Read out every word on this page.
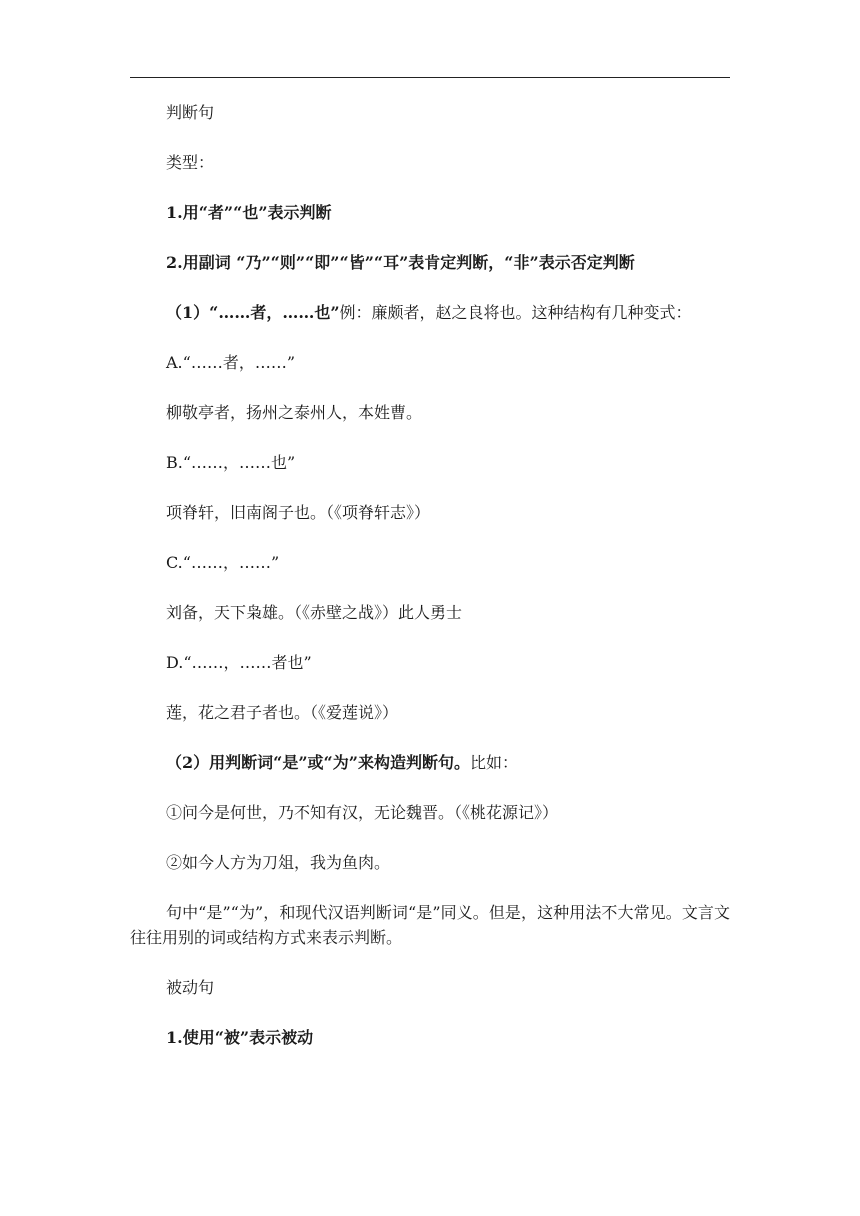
判断句

类型：

1.用“者”“也”表示判断

2.用副词 “乃”“则”“即”“皆”“耳”表肯定判断，“非”表示否定判断

（1）“……者，……也”例：廉颇者，赵之良将也。这种结构有几种变式：

A.“……者，……”

柳敬亭者，扬州之泰州人，本姓曹。

B.“……，……也”

项脊轩，旧南阁子也。（《项脊轩志》）

C.“……，……”

刘备，天下枭雄。（《赤壁之战》）此人勇士

D.“……，……者也”

莲，花之君子者也。（《爱莲说》）

（2）用判断词“是”或“为”来构造判断句。比如：

①问今是何世，乃不知有汉，无论魏晋。（《桃花源记》）

②如今人方为刀俎，我为鱼肉。

句中“是”“为”，和现代汉语判断词“是”同义。但是，这种用法不大常见。文言文往往用别的词或结构方式来表示判断。

被动句

1.使用“被”表示被动
